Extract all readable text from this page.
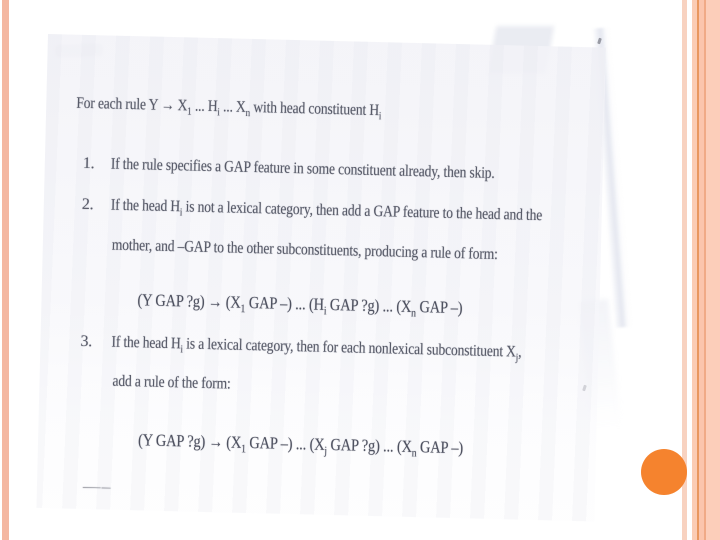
For each rule $Y \to X_1$ ... $H_i$ ... $X_n$ with head constituent $H_i$
1. If the rule specifies a GAP feature in some constituent already, then skip.
2. If the head $H_i$ is not a lexical category, then add a GAP feature to the head and the
mother, and –GAP to the other subconstituents, producing a rule of form:
(Y GAP ?g) → ($X_1$ GAP –) ... ($H_i$ GAP ?g) ... ($X_n$ GAP –)
3. If the head $H_i$ is a lexical category, then for each nonlexical subconstituent $X_j$,
add a rule of the form:
(Y GAP ?g) → ($X_1$ GAP –) ... ($X_j$ GAP ?g) ... ($X_n$ GAP –)
— –
